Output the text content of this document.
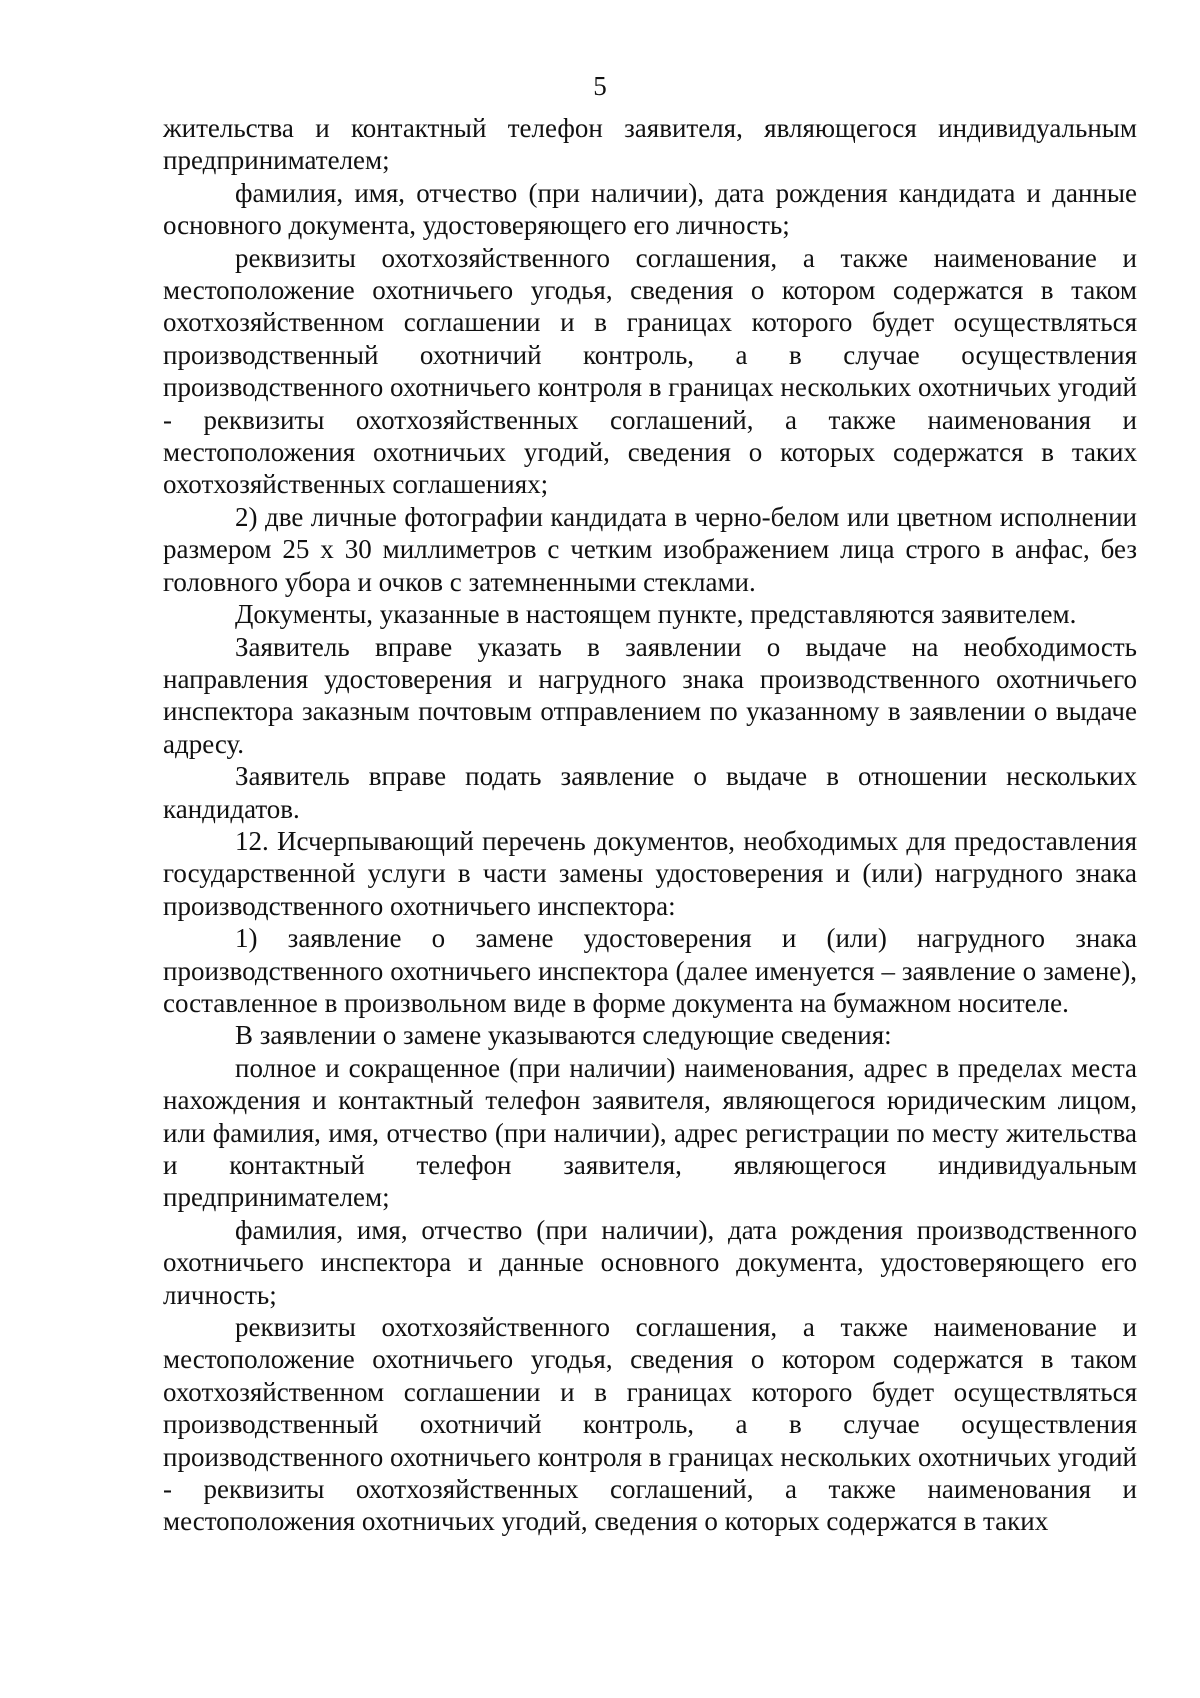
5

жительства и контактный телефон заявителя, являющегося индивидуальным предпринимателем;

фамилия, имя, отчество (при наличии), дата рождения кандидата и данные основного документа, удостоверяющего его личность;

реквизиты охотхозяйственного соглашения, а также наименование и местоположение охотничьего угодья, сведения о котором содержатся в таком охотхозяйственном соглашении и в границах которого будет осуществляться производственный охотничий контроль, а в случае осуществления производственного охотничьего контроля в границах нескольких охотничьих угодий - реквизиты охотхозяйственных соглашений, а также наименования и местоположения охотничьих угодий, сведения о которых содержатся в таких охотхозяйственных соглашениях;

2) две личные фотографии кандидата в черно-белом или цветном исполнении размером 25 х 30 миллиметров с четким изображением лица строго в анфас, без головного убора и очков с затемненными стеклами.

Документы, указанные в настоящем пункте, представляются заявителем.

Заявитель вправе указать в заявлении о выдаче на необходимость направления удостоверения и нагрудного знака производственного охотничьего инспектора заказным почтовым отправлением по указанному в заявлении о выдаче адресу.

Заявитель вправе подать заявление о выдаче в отношении нескольких кандидатов.

12. Исчерпывающий перечень документов, необходимых для предоставления государственной услуги в части замены удостоверения и (или) нагрудного знака производственного охотничьего инспектора:

1) заявление о замене удостоверения и (или) нагрудного знака производственного охотничьего инспектора (далее именуется – заявление о замене), составленное в произвольном виде в форме документа на бумажном носителе.

В заявлении о замене указываются следующие сведения:

полное и сокращенное (при наличии) наименования, адрес в пределах места нахождения и контактный телефон заявителя, являющегося юридическим лицом, или фамилия, имя, отчество (при наличии), адрес регистрации по месту жительства и контактный телефон заявителя, являющегося индивидуальным предпринимателем;

фамилия, имя, отчество (при наличии), дата рождения производственного охотничьего инспектора и данные основного документа, удостоверяющего его личность;

реквизиты охотхозяйственного соглашения, а также наименование и местоположение охотничьего угодья, сведения о котором содержатся в таком охотхозяйственном соглашении и в границах которого будет осуществляться производственный охотничий контроль, а в случае осуществления производственного охотничьего контроля в границах нескольких охотничьих угодий - реквизиты охотхозяйственных соглашений, а также наименования и местоположения охотничьих угодий, сведения о которых содержатся в таких
